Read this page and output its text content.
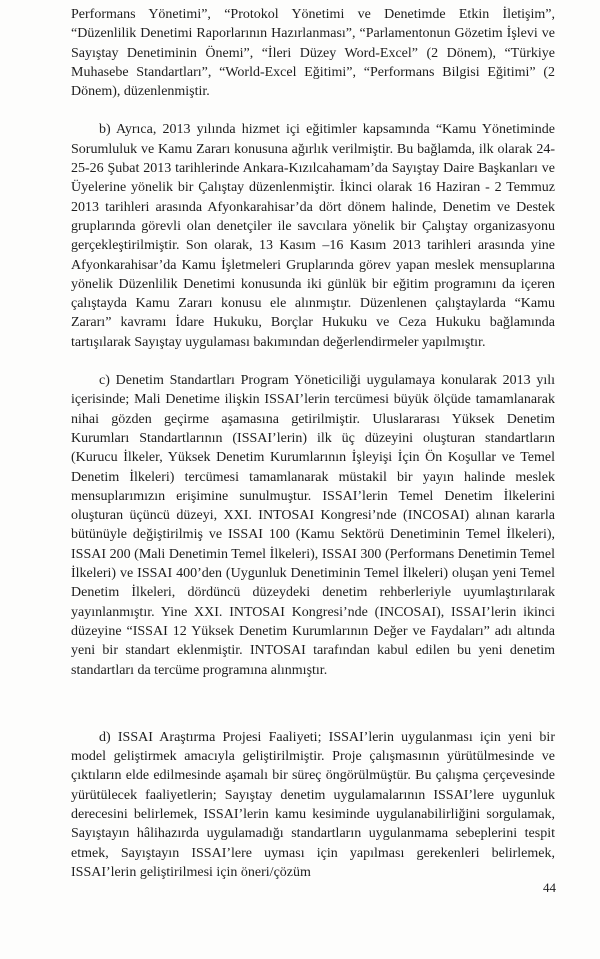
Performans Yönetimi”, “Protokol Yönetimi ve Denetimde Etkin İletişim”, “Düzenlilik Denetimi Raporlarının Hazırlanması”, “Parlamentonun Gözetim İşlevi ve Sayıştay Denetiminin Önemi”, “İleri Düzey Word-Excel” (2 Dönem), “Türkiye Muhasebe Standartları”, “World-Excel Eğitimi”, “Performans Bilgisi Eğitimi” (2 Dönem), düzenlenmiştir.

b) Ayrıca, 2013 yılında hizmet içi eğitimler kapsamında “Kamu Yönetiminde Sorumluluk ve Kamu Zararı konusuna ağırlık verilmiştir. Bu bağlamda, ilk olarak 24-25-26 Şubat 2013 tarihlerinde Ankara-Kızılcahamam’da Sayıştay Daire Başkanları ve Üyelerine yönelik bir Çalıştay düzenlenmiştir. İkinci olarak 16 Haziran - 2 Temmuz 2013 tarihleri arasında Afyonkarahisar’da dört dönem halinde, Denetim ve Destek gruplarında görevli olan denetçiler ile savcılara yönelik bir Çalıştay organizasyonu gerçekleştirilmiştir. Son olarak, 13 Kasım –16 Kasım 2013 tarihleri arasında yine Afyonkarahisar’da Kamu İşletmeleri Gruplarında görev yapan meslek mensuplarına yönelik Düzenlilik Denetimi konusunda iki günlük bir eğitim programını da içeren çalıştayda Kamu Zararı konusu ele alınmıştır. Düzenlenen çalıştaylarda “Kamu Zararı” kavramı İdare Hukuku, Borçlar Hukuku ve Ceza Hukuku bağlamında tartışılarak Sayıştay uygulaması bakımından değerlendirmeler yapılmıştır.

c) Denetim Standartları Program Yöneticiliği uygulamaya konularak 2013 yılı içerisinde; Mali Denetime ilişkin ISSAI’lerin tercümesi büyük ölçüde tamamlanarak nihai gözden geçirme aşamasına getirilmiştir. Uluslararası Yüksek Denetim Kurumları Standartlarının (ISSAI’lerin) ilk üç düzeyini oluşturan standartların (Kurucu İlkeler, Yüksek Denetim Kurumlarının İşleyişi İçin Ön Koşullar ve Temel Denetim İlkeleri) tercümesi tamamlanarak müstakil bir yayın halinde meslek mensuplarımızın erişimine sunulmuştur. ISSAI’lerin Temel Denetim İlkelerini oluşturan üçüncü düzeyi, XXI. INTOSAI Kongresi’nde (INCOSAI) alınan kararla bütünüyle değiştirilmiş ve ISSAI 100 (Kamu Sektörü Denetiminin Temel İlkeleri), ISSAI 200 (Mali Denetimin Temel İlkeleri), ISSAI 300 (Performans Denetimin Temel İlkeleri) ve ISSAI 400’den (Uygunluk Denetiminin Temel İlkeleri) oluşan yeni Temel Denetim İlkeleri, dördüncü düzeydeki denetim rehberleriyle uyumlaştırılarak yayınlanmıştır. Yine XXI. INTOSAI Kongresi’nde (INCOSAI), ISSAI’lerin ikinci düzeyine “ISSAI 12 Yüksek Denetim Kurumlarının Değer ve Faydaları” adı altında yeni bir standart eklenmiştir. INTOSAI tarafından kabul edilen bu yeni denetim standartları da tercüme programına alınmıştır.

d) ISSAI Araştırma Projesi Faaliyeti; ISSAI’lerin uygulanması için yeni bir model geliştirmek amacıyla geliştirilmiştir. Proje çalışmasının yürütülmesinde ve çıktıların elde edilmesinde aşamalı bir süreç öngörülmüştür. Bu çalışma çerçevesinde yürütülecek faaliyetlerin; Sayıştay denetim uygulamalarının ISSAI’lere uygunluk derecesini belirlemek, ISSAI’lerin kamu kesiminde uygulanabilirliğini sorgulamak, Sayıştayın hâlihazırda uygulamadığı standartların uygulanmama sebeplerini tespit etmek, Sayıştayın ISSAI’lere uyması için yapılması gerekenleri belirlemek, ISSAI’lerin geliştirilmesi için öneri/çözüm

44
